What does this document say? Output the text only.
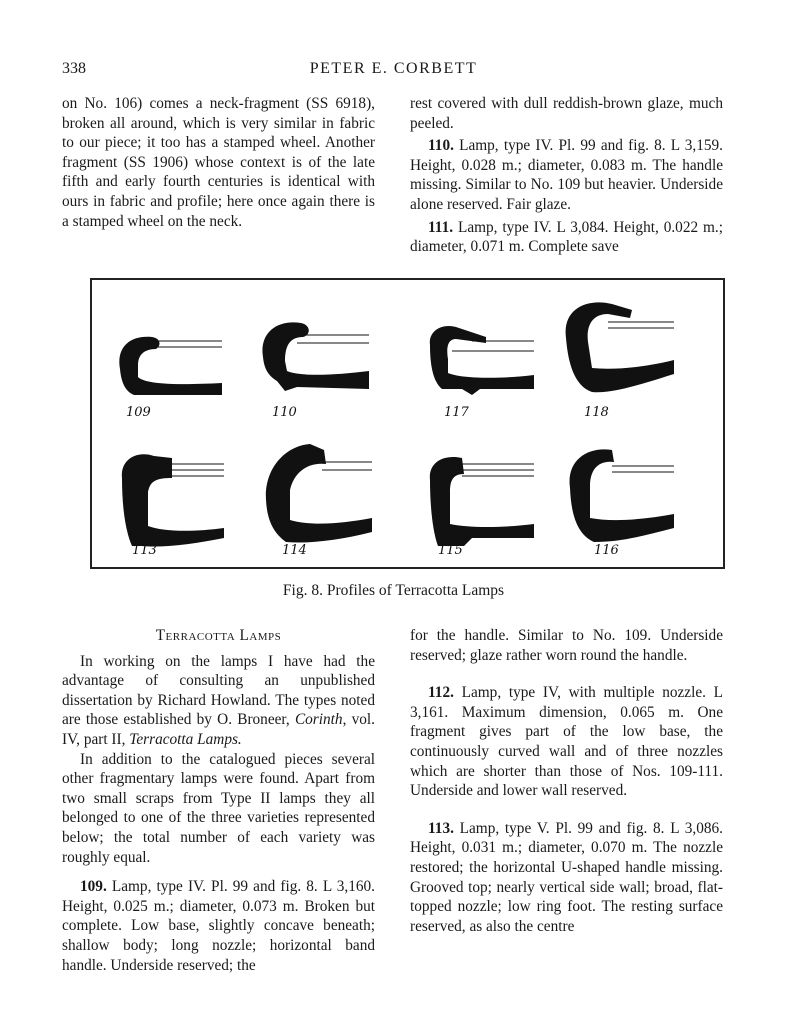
338	PETER E. CORBETT

on No. 106) comes a neck-fragment (SS 6918), broken all around, which is very similar in fabric to our piece; it too has a stamped wheel. Another fragment (SS 1906) whose context is of the late fifth and early fourth centuries is identical with ours in fabric and profile; here once again there is a stamped wheel on the neck.

rest covered with dull reddish-brown glaze, much peeled.

110. Lamp, type IV. Pl. 99 and fig. 8. L 3,159. Height, 0.028 m.; diameter, 0.083 m. The handle missing. Similar to No. 109 but heavier. Underside alone reserved. Fair glaze.

111. Lamp, type IV. L 3,084. Height, 0.022 m.; diameter, 0.071 m. Complete save

109	110	117	118
113	114	115	116
Fig. 8. Profiles of Terracotta Lamps

Terracotta Lamps

In working on the lamps I have had the advantage of consulting an unpublished dissertation by Richard Howland. The types noted are those established by O. Broneer, Corinth, vol. IV, part II, Terracotta Lamps.

In addition to the catalogued pieces several other fragmentary lamps were found. Apart from two small scraps from Type II lamps they all belonged to one of the three varieties represented below; the total number of each variety was roughly equal.

109. Lamp, type IV. Pl. 99 and fig. 8. L 3,160. Height, 0.025 m.; diameter, 0.073 m. Broken but complete. Low base, slightly concave beneath; shallow body; long nozzle; horizontal band handle. Underside reserved; the

for the handle. Similar to No. 109. Underside reserved; glaze rather worn round the handle.

112. Lamp, type IV, with multiple nozzle. L 3,161. Maximum dimension, 0.065 m. One fragment gives part of the low base, the continuously curved wall and of three nozzles which are shorter than those of Nos. 109-111. Underside and lower wall reserved.

113. Lamp, type V. Pl. 99 and fig. 8. L 3,086. Height, 0.031 m.; diameter, 0.070 m. The nozzle restored; the horizontal U-shaped handle missing. Grooved top; nearly vertical side wall; broad, flat-topped nozzle; low ring foot. The resting surface reserved, as also the centre
